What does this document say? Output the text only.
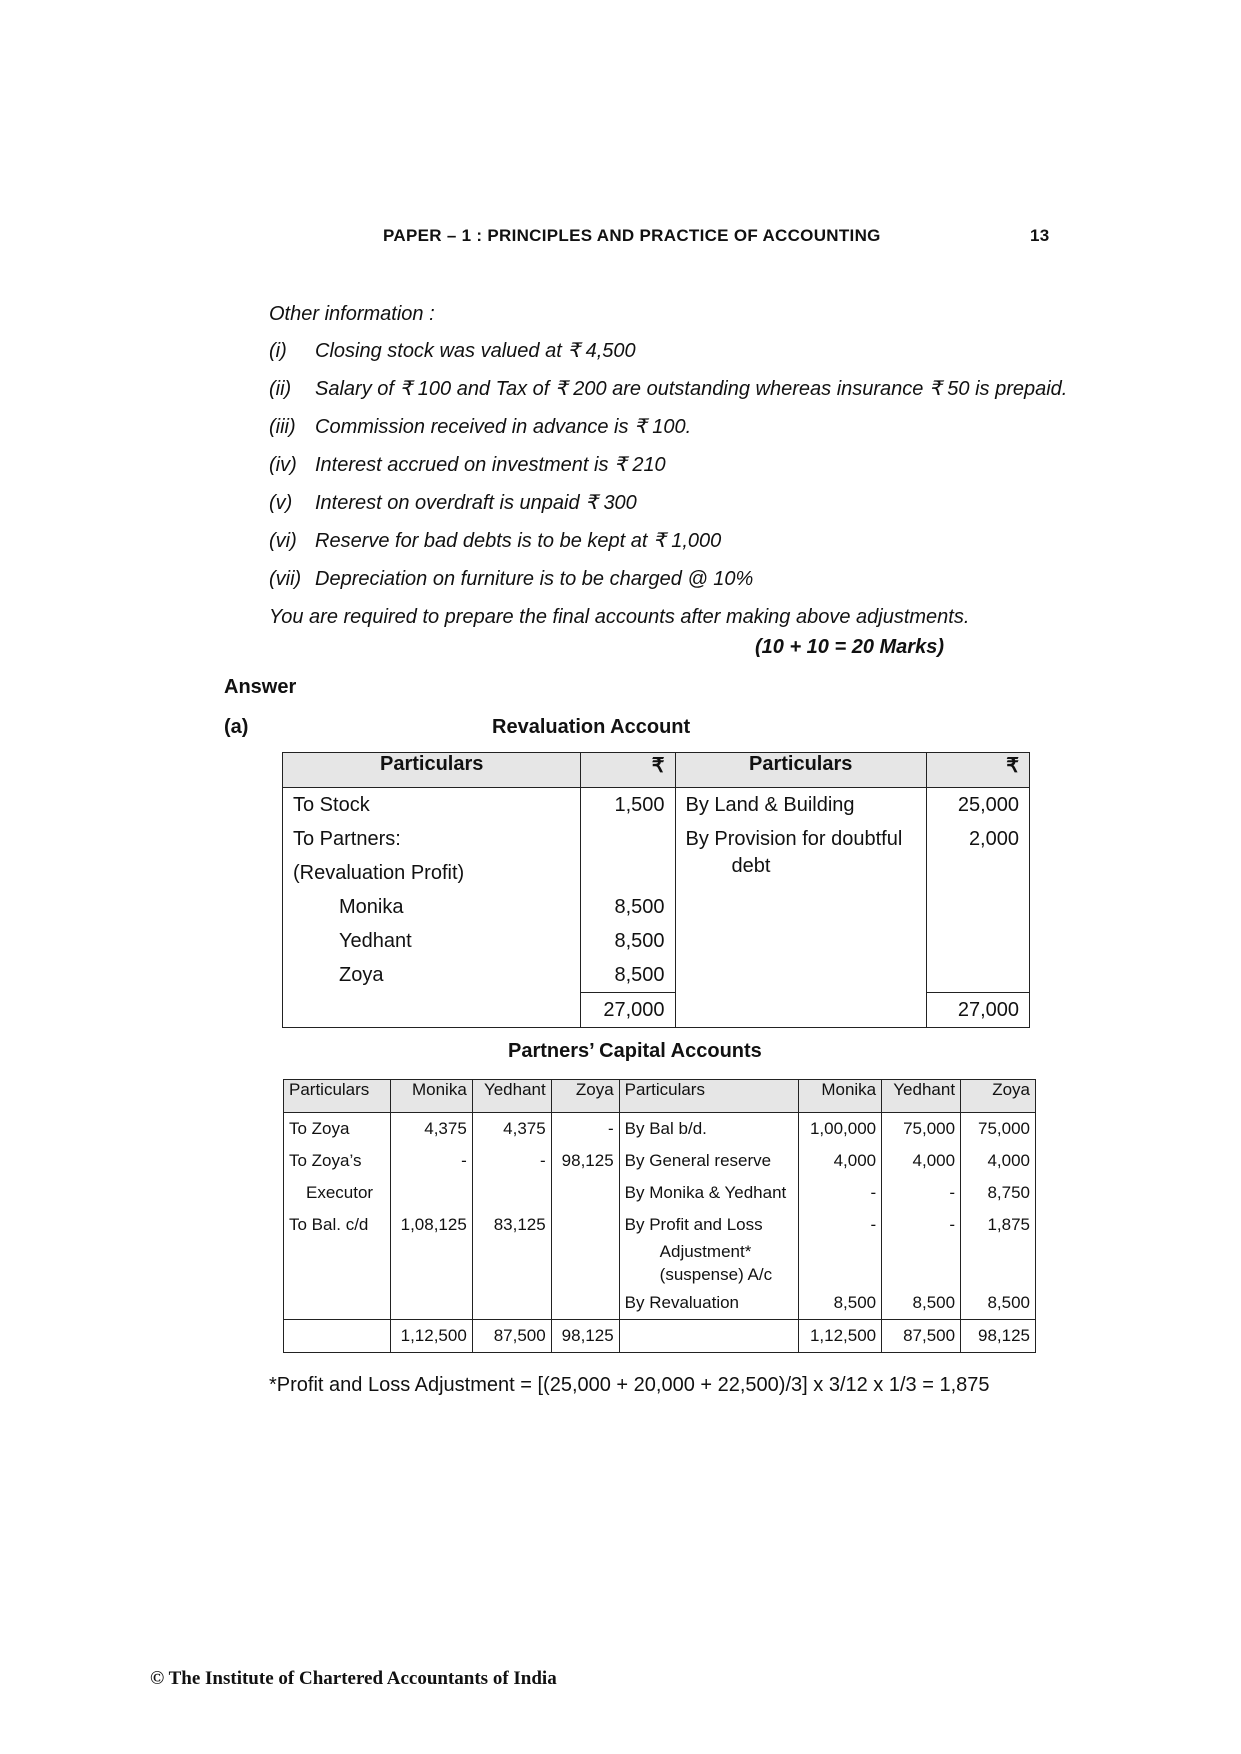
PAPER – 1 : PRINCIPLES AND PRACTICE OF ACCOUNTING	13
Other information :
(i) Closing stock was valued at ₹ 4,500
(ii) Salary of ₹ 100 and Tax of ₹ 200 are outstanding whereas insurance ₹ 50 is prepaid.
(iii) Commission received in advance is ₹ 100.
(iv) Interest accrued on investment is ₹ 210
(v) Interest on overdraft is unpaid ₹ 300
(vi) Reserve for bad debts is to be kept at ₹ 1,000
(vii) Depreciation on furniture is to be charged @ 10%
You are required to prepare the final accounts after making above adjustments.
(10 + 10 = 20 Marks)
Answer
(a)	Revaluation Account
Particulars	₹	Particulars	₹
To Stock	1,500	By Land & Building	25,000
To Partners:		By Provision for doubtful	2,000
(Revaluation Profit)		debt	
Monika	8,500		
Yedhant	8,500		
Zoya	8,500		
	27,000		27,000
Partners’ Capital Accounts
Particulars	Monika	Yedhant	Zoya	Particulars	Monika	Yedhant	Zoya
To Zoya	4,375	4,375	-	By Bal b/d.	1,00,000	75,000	75,000
To Zoya’s	-	-	98,125	By General reserve	4,000	4,000	4,000
Executor				By Monika & Yedhant	-	-	8,750
To Bal. c/d	1,08,125	83,125		By Profit and Loss	-	-	1,875
				Adjustment*			
				(suspense) A/c			
				By Revaluation	8,500	8,500	8,500
	1,12,500	87,500	98,125		1,12,500	87,500	98,125
*Profit and Loss Adjustment = [(25,000 + 20,000 + 22,500)/3] x 3/12 x 1/3 = 1,875
© The Institute of Chartered Accountants of India
